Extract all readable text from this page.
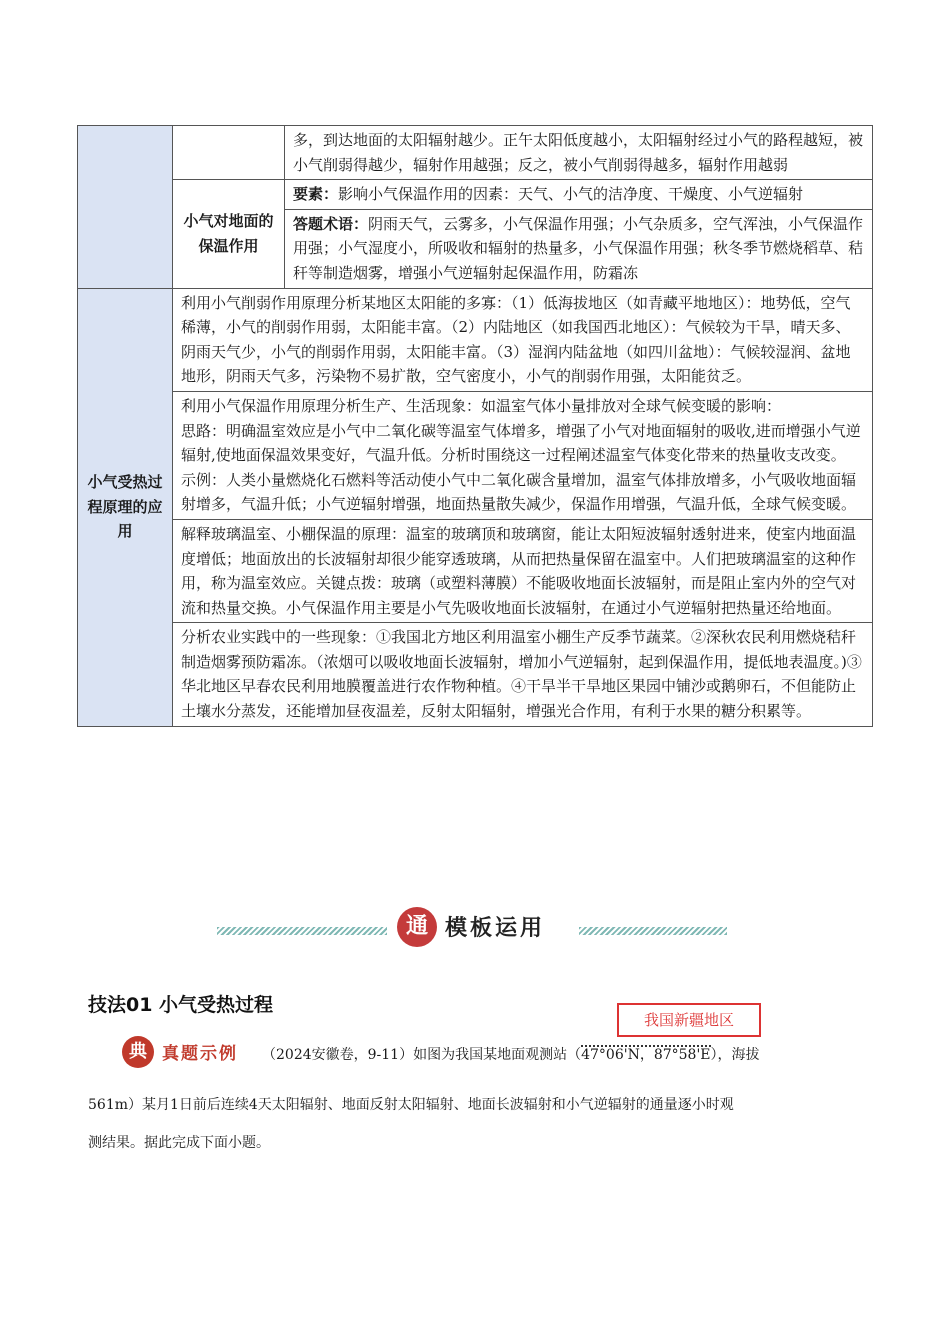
		多，到达地面的太阳辐射越少。正午太阳低度越小，太阳辐射经过小气的路程越短，被小气削弱得越少，辐射作用越强；反之，被小气削弱得越多，辐射作用越弱
	小气对地面的保温作用	要素：影响小气保温作用的因素：天气、小气的洁净度、干燥度、小气逆辐射
		答题术语：阴雨天气，云雾多，小气保温作用强；小气杂质多，空气浑浊，小气保温作用强；小气湿度小，所吸收和辐射的热量多，小气保温作用强；秋冬季节燃烧稻草、秸秆等制造烟雾，增强小气逆辐射起保温作用，防霜冻
小气受热过程原理的应用	利用小气削弱作用原理分析某地区太阳能的多寡：（1）低海拔地区（如青藏平地地区）：地势低，空气稀薄，小气的削弱作用弱，太阳能丰富。（2）内陆地区（如我国西北地区）：气候较为干旱，晴天多、阴雨天气少，小气的削弱作用弱，太阳能丰富。（3）湿润内陆盆地（如四川盆地）：气候较湿润、盆地地形，阴雨天气多，污染物不易扩散，空气密度小，小气的削弱作用强，太阳能贫乏。	

	利用小气保温作用原理分析生产、生活现象：如温室气体小量排放对全球气候变暖的影响：
思路：明确温室效应是小气中二氧化碳等温室气体增多，增强了小气对地面辐射的吸收,进而增强小气逆辐射,使地面保温效果变好，气温升低。分析时围绕这一过程阐述温室气体变化带来的热量收支改变。
示例：人类小量燃烧化石燃料等活动使小气中二氧化碳含量增加，温室气体排放增多，小气吸收地面辐射增多，气温升低；小气逆辐射增强，地面热量散失减少，保温作用增强，气温升低，全球气候变暖。	

	解释玻璃温室、小棚保温的原理：温室的玻璃顶和玻璃窗，能让太阳短波辐射透射进来，使室内地面温度增低；地面放出的长波辐射却很少能穿透玻璃，从而把热量保留在温室中。人们把玻璃温室的这种作用，称为温室效应。关键点拨：玻璃（或塑料薄膜）不能吸收地面长波辐射，而是阻止室内外的空气对流和热量交换。小气保温作用主要是小气先吸收地面长波辐射，在通过小气逆辐射把热量还给地面。	
	分析农业实践中的一些现象：①我国北方地区利用温室小棚生产反季节蔬菜。②深秋农民利用燃烧秸秆制造烟雾预防霜冻。（浓烟可以吸收地面长波辐射，增加小气逆辐射，起到保温作用，提低地表温度。)③ 华北地区早春农民利用地膜覆盖进行农作物种植。④干旱半干旱地区果园中铺沙或鹅卵石，不但能防止土壤水分蒸发，还能增加昼夜温差，反射太阳辐射，增强光合作用，有利于水果的糖分积累等。	
通 模板运用
技法01 小气受热过程
我国新疆地区
典 真题示例 （2024安徽卷，9-11）如图为我国某地面观测站（47°06'N，87°58'E），海拔
561m）某月1日前后连续4天太阳辐射、地面反射太阳辐射、地面长波辐射和小气逆辐射的通量逐小时观
测结果。据此完成下面小题。
